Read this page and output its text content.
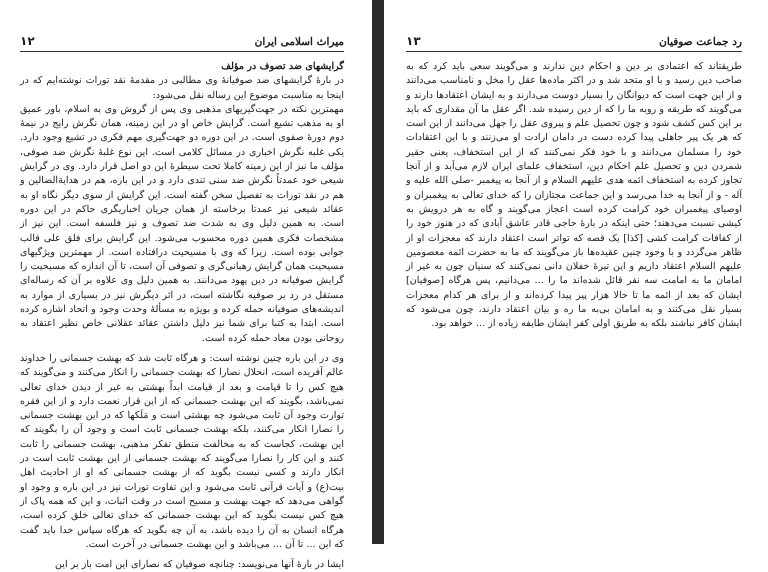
میراث اسلامی ایران
۱۲

گرایشهای ضد تصوف در مؤلف

در بارهٔ گرایشهای ضد صوفیانهٔ وی مطالبی در مقدمهٔ نقد تورات نوشته‌ایم که در اینجا به مناسبت موضوع این رساله نقل می‌شود:

مهمترین نکته در جهت‌گیریهای مذهبی وی پس از گروش وی به اسلام، باور عمیق او به مذهب تشیع است. گرایش خاص او در این زمینه، همان نگرش رایج در نیمهٔ دوم دورهٔ صفوی است. در این دوره دو جهت‌گیری مهم فکری در تشیع وجود دارد. یکی غلبه نگرش اخباری در مسائل کلامی است. این نوع غلبهٔ نگرش ضد صوفی، مؤلف ما نیز از این زمینه کاملا تحت سیطرهٔ این دو اصل قرار دارد. وی در گرایش شیعی خود عمدتاً نگرش ضد سنی تندی دارد و در این باره، هم در هدایةالضالین و هم در نقد تورات به تفصیل سخن گفته است. این گرایش از سوی دیگر نگاه او به عقائد شیعی نیز عمدتا برخاسته از همان جریان اخباریگری حاکم در این دوره است. به همین دلیل وی به شدت ضد تصوف و نیز فلسفه است. این نیز از مشخصات فکری همین دوره محسوب می‌شود. این گرایش برای فلق علی قالب جوابی بوده است. زیرا که وی با مسیحیت درافتاده است. از مهمترین ویژگیهای مسیحیت همان گرایش رهبانی‌گری و تصوفی آن است، تا آن اندازه که مسیحیت را گرایش صوفیانه در دین یهود می‌دانند. به همین دلیل وی علاوه بر آن که رساله‌ای مستقل در رد بر صوفیه نگاشته است، در اثر دیگرش نیز در بسیاری از موارد به اندیشه‌های صوفیانه حمله کرده و بویژه به مسألهٔ وحدت وجود و اتحاد اشاره کرده است. ابتدا به کتبا برای شما نیز دلیل داشتن عقائد عقلانی خاص نظیر اعتقاد به روحانی بودن معاد حمله کرده است.

وی در این باره چنین نوشته است: و هرگاه ثابت شد که بهشت جسمانی را خداوند عالم آفریده است، انحلال نصارا که بهشت جسمانی را انکار می‌کنند و می‌گویند که هیچ کس را تا قیامت و بعد از قیامت ابداً بهشتی به غیر از دیدن خدای تعالی نمی‌باشد، بگویند که این بهشت جسمانی که از این قرار نعمت دارد و از این فقره توارت وجود آن ثابت می‌شود چه بهشتی است و مَلَکها که در این بهشت جسمانی را نصارا انکار می‌کنند، بلکه بهشت جسمانی ثابت است و وجود آن را بگویند که این بهشت، کجاست که به مخالفت منطق تفکر مذهبی، بهشت جسمانی را ثابت کنند و این کار را نصارا می‌گویند که بهشت جسمانی از این بهشت ثابت است در انکار دارند و کسی نیست بگوید که از بهشت جسمانی که او از احادیث اهل بیت(ع) و آیات قرآنی ثابت می‌شود و این تفاوت تورات نیز در این باره و وجود او گواهی می‌دهد که جهت بهشت و مسیح است در وقت اثبات، و این که همه پاک از هیچ کس نیست بگوید که این بهشت جسمانی که خدای تعالی خلق کرده است، هرگاه انسان به آن را دیده باشد، به آن چه بگوید که هرگاه سپاس خدا باید گفت که این ... تا آن ... می‌باشد و این بهشت جسمانی در آخرت است.

ایشا در بارهٔ آنها می‌نویسد: چنانچه صوفیان که نصارای این امت باز بر این

رد جماعت صوفیان
۱۳

طریقتاند که اعتمادی بر دین و احکام دین ندارند و می‌گویند سعی باید کرد که به صاحب دین رسید و با او متحد شد و در اکثر ماده‌ها عقل را مخل و نامناسب می‌دانند و از این جهت است که دیوانگان را بسیار دوست می‌دارند و به ایشان اعتقادها دارند و می‌گویند که طریقه و روبه ما را که از دین رسیده شد. اگر عقل ما آن مقداری که باید بر این کس کشف شود و چون تحصیل علم و پیروی عقل را جهل می‌دانند از این است که هر یک پیر جاهلی پیدا کرده دست در دامان ارادت او می‌زنند و با این اعتقادات خود را مسلمان می‌دانند و با خود فکر نمی‌کنند که از این استخفاف، یعنی حقیر شمردن دین و تحصیل علم احکام دین، استخفاف علمای ایران لازم می‌آید و از آنجا تجاوز کرده به استخفاف ائمه هدی علیهم السلام و از آنجا به پیغمبر -صلی الله علیه و آله - و از آنجا به خدا می‌رسد و این جماعت مجتازان را که خدای تعالی به پیغمبران و اوصیای پیغمبران خود کرامت کرده است اعجاز می‌گویند و گاه به هر درویش به کیشی نسبت می‌دهند؛ حتی اینکه در بارهٔ حاجی قادر عاشق آبادی که در هنوز خود را از کفافات کرامت کشی [کذا] یک قصه که تواتر است اعتقاد دارند که معجزات او از ظاهر می‌گردد و با وجود چنین عقیده‌ها باز می‌گویند که ما به حضرت ائمه معصومین علیهم السلام اعتقاد داریم و این تیرهٔ خفلان دانی نمی‌کنند که سنیان چون به غیر از امامان ما به امامت سه نفر قائل شده‌اند ما را ... می‌دانیم، پس هرگاه [صوفیان] ایشان که بعد از ائمه ما تا حالا هزار پیر پیدا کرده‌اند و از برای هر کدام معجزات بسیار نقل می‌کنند و به امامان بی‌به ما ره و بیان اعتقاد دارند، چون می‌شود که ایشان کافر نباشند بلکه به طریق اولی کفر ایشان طایفه زیاده از ... خواهد بود.
